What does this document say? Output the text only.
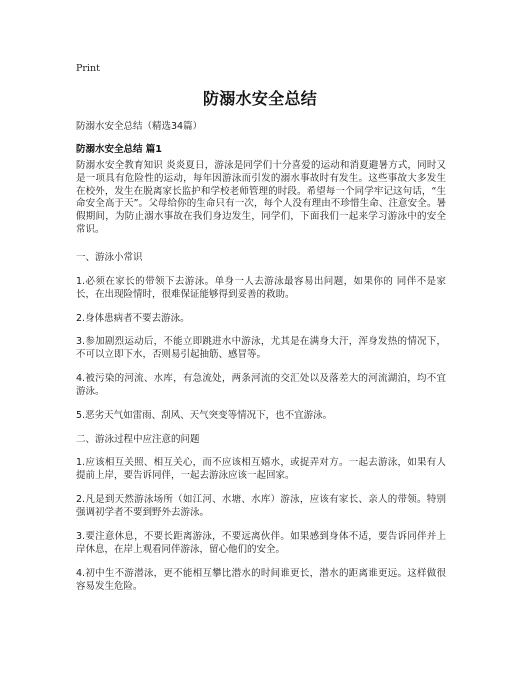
Print
防溺水安全总结
防溺水安全总结（精选34篇）
防溺水安全总结 篇1

防溺水安全教育知识 炎炎夏日，游泳是同学们十分喜爱的运动和消夏避暑方式，同时又是一项具有危险性的运动，每年因游泳而引发的溺水事故时有发生。这些事故大多发生在校外，发生在脱离家长监护和学校老师管理的时段。希望每一个同学牢记这句话，“生命安全高于天”。父母给你的生命只有一次，每个人没有理由不珍惜生命、注意安全。暑假期间，为防止溺水事故在我们身边发生，同学们，下面我们一起来学习游泳中的安全常识。

一、游泳小常识

1.必须在家长的带领下去游泳。单身一人去游泳最容易出问题，如果你的 同伴不是家长，在出现险情时，很难保证能够得到妥善的救助。

2.身体患病者不要去游泳。

3.参加剧烈运动后，不能立即跳进水中游泳，尤其是在满身大汗，浑身发热的情况下，不可以立即下水，否则易引起抽筋、感冒等。

4.被污染的河流、水库，有急流处，两条河流的交汇处以及落差大的河流湖泊，均不宜游泳。

5.恶劣天气如雷雨、刮风、天气突变等情况下，也不宜游泳。

二、游泳过程中应注意的问题

1.应该相互关照、相互关心，而不应该相互嬉水，或捉弄对方。一起去游泳，如果有人提前上岸，要告诉同伴，一起去游泳应该一起回家。

2.凡是到天然游泳场所（如江河、水塘、水库）游泳，应该有家长、亲人的带领。特别强调初学者不要到野外去游泳。

3.要注意休息，不要长距离游泳，不要远离伙伴。如果感到身体不适，要告诉同伴并上岸休息，在岸上观看同伴游泳，留心他们的安全。

4.初中生不游潜泳，更不能相互攀比潜水的时间谁更长，潜水的距离谁更远。这样做很容易发生危险。
